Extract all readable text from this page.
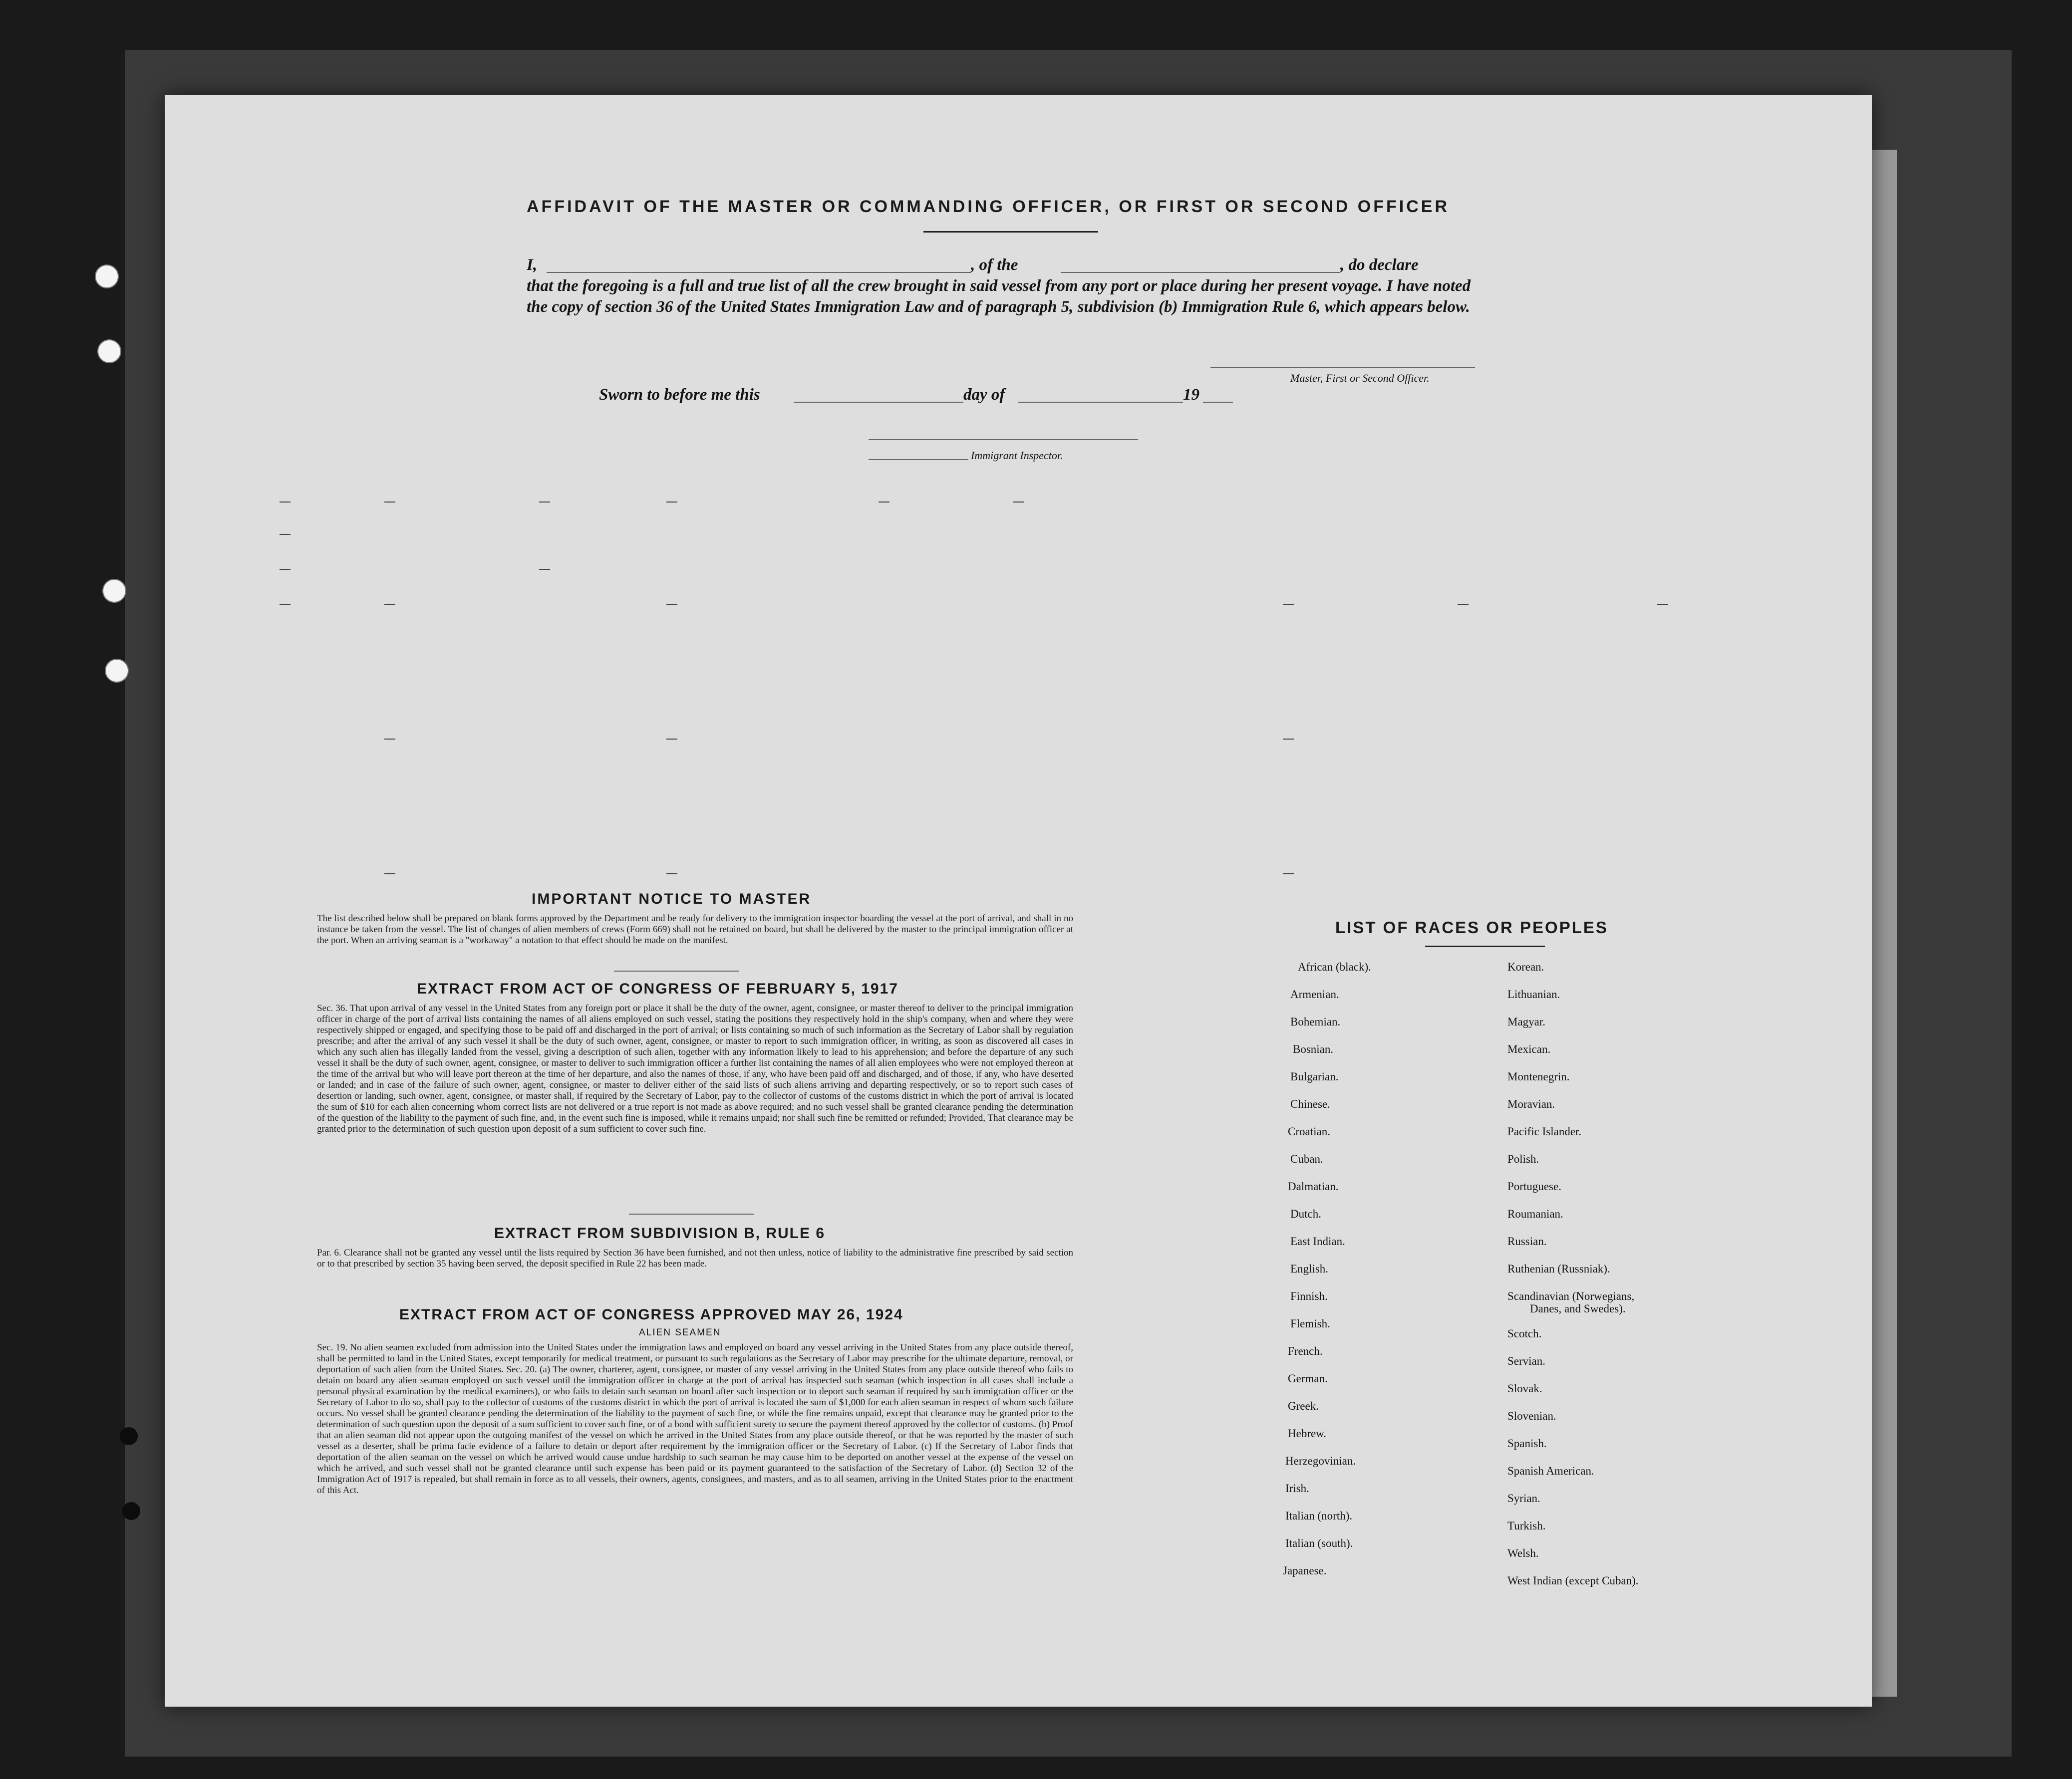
AFFIDAVIT OF THE MASTER OR COMMANDING OFFICER, OR FIRST OR SECOND OFFICER
I,	, of the	, do declare
that the foregoing is a full and true list of all the crew brought in said vessel from any port or place during her present voyage. I have noted the copy of section 36 of the United States Immigration Law and of paragraph 5, subdivision (b) Immigration Rule 6, which appears below.
Master, First or Second Officer.
Sworn to before me this	day of	19
Immigrant Inspector.
IMPORTANT NOTICE TO MASTER
The list described below shall be prepared on blank forms approved by the Department and be ready for delivery to the immigration inspector boarding the vessel at the port of arrival, and shall in no instance be taken from the vessel. The list of changes of alien members of crews (Form 669) shall not be retained on board, but shall be delivered by the master to the principal immigration officer at the port. When an arriving seaman is a "workaway" a notation to that effect should be made on the manifest.
EXTRACT FROM ACT OF CONGRESS OF FEBRUARY 5, 1917
Sec. 36. That upon arrival of any vessel in the United States from any foreign port or place it shall be the duty of the owner, agent, consignee, or master thereof to deliver to the principal immigration officer in charge of the port of arrival lists containing the names of all aliens employed on such vessel, stating the positions they respectively hold in the ship's company, when and where they were respectively shipped or engaged, and specifying those to be paid off and discharged in the port of arrival; or lists containing so much of such information as the Secretary of Labor shall by regulation prescribe; and after the arrival of any such vessel it shall be the duty of such owner, agent, consignee, or master to report to such immigration officer, in writing, as soon as discovered all cases in which any such alien has illegally landed from the vessel, giving a description of such alien, together with any information likely to lead to his apprehension; and before the departure of any such vessel it shall be the duty of such owner, agent, consignee, or master to deliver to such immigration officer a further list containing the names of all alien employees who were not employed thereon at the time of the arrival but who will leave port thereon at the time of her departure, and also the names of those, if any, who have been paid off and discharged, and of those, if any, who have deserted or landed; and in case of the failure of such owner, agent, consignee, or master to deliver either of the said lists of such aliens arriving and departing respectively, or so to report such cases of desertion or landing, such owner, agent, consignee, or master shall, if required by the Secretary of Labor, pay to the collector of customs of the customs district in which the port of arrival is located the sum of $10 for each alien concerning whom correct lists are not delivered or a true report is not made as above required; and no such vessel shall be granted clearance pending the determination of the question of the liability to the payment of such fine, and, in the event such fine is imposed, while it remains unpaid; nor shall such fine be remitted or refunded; Provided, That clearance may be granted prior to the determination of such question upon deposit of a sum sufficient to cover such fine.
EXTRACT FROM SUBDIVISION B, RULE 6
Par. 6. Clearance shall not be granted any vessel until the lists required by Section 36 have been furnished, and not then unless, notice of liability to the administrative fine prescribed by said section or to that prescribed by section 35 having been served, the deposit specified in Rule 22 has been made.
EXTRACT FROM ACT OF CONGRESS APPROVED MAY 26, 1924
ALIEN SEAMEN
Sec. 19. No alien seamen excluded from admission into the United States under the immigration laws and employed on board any vessel arriving in the United States from any place outside thereof, shall be permitted to land in the United States, except temporarily for medical treatment, or pursuant to such regulations as the Secretary of Labor may prescribe for the ultimate departure, removal, or deportation of such alien from the United States. Sec. 20. (a) The owner, charterer, agent, consignee, or master of any vessel arriving in the United States from any place outside thereof who fails to detain on board any alien seaman employed on such vessel until the immigration officer in charge at the port of arrival has inspected such seaman (which inspection in all cases shall include a personal physical examination by the medical examiners), or who fails to detain such seaman on board after such inspection or to deport such seaman if required by such immigration officer or the Secretary of Labor to do so, shall pay to the collector of customs of the customs district in which the port of arrival is located the sum of $1,000 for each alien seaman in respect of whom such failure occurs. No vessel shall be granted clearance pending the determination of the liability to the payment of such fine, or while the fine remains unpaid, except that clearance may be granted prior to the determination of such question upon the deposit of a sum sufficient to cover such fine, or of a bond with sufficient surety to secure the payment thereof approved by the collector of customs. (b) Proof that an alien seaman did not appear upon the outgoing manifest of the vessel on which he arrived in the United States from any place outside thereof, or that he was reported by the master of such vessel as a deserter, shall be prima facie evidence of a failure to detain or deport after requirement by the immigration officer or the Secretary of Labor. (c) If the Secretary of Labor finds that deportation of the alien seaman on the vessel on which he arrived would cause undue hardship to such seaman he may cause him to be deported on another vessel at the expense of the vessel on which he arrived, and such vessel shall not be granted clearance until such expense has been paid or its payment guaranteed to the satisfaction of the Secretary of Labor. (d) Section 32 of the Immigration Act of 1917 is repealed, but shall remain in force as to all vessels, their owners, agents, consignees, and masters, and as to all seamen, arriving in the United States prior to the enactment of this Act.
LIST OF RACES OR PEOPLES
African (black).
Armenian.
Bohemian.
Bosnian.
Bulgarian.
Chinese.
Croatian.
Cuban.
Dalmatian.
Dutch.
East Indian.
English.
Finnish.
Flemish.
French.
German.
Greek.
Hebrew.
Herzegovinian.
Irish.
Italian (north).
Italian (south).
Japanese.
Korean.
Lithuanian.
Magyar.
Mexican.
Montenegrin.
Moravian.
Pacific Islander.
Polish.
Portuguese.
Roumanian.
Russian.
Ruthenian (Russniak).
Scandinavian (Norwegians,
Danes, and Swedes).
Scotch.
Servian.
Slovak.
Slovenian.
Spanish.
Spanish American.
Syrian.
Turkish.
Welsh.
West Indian (except Cuban).
